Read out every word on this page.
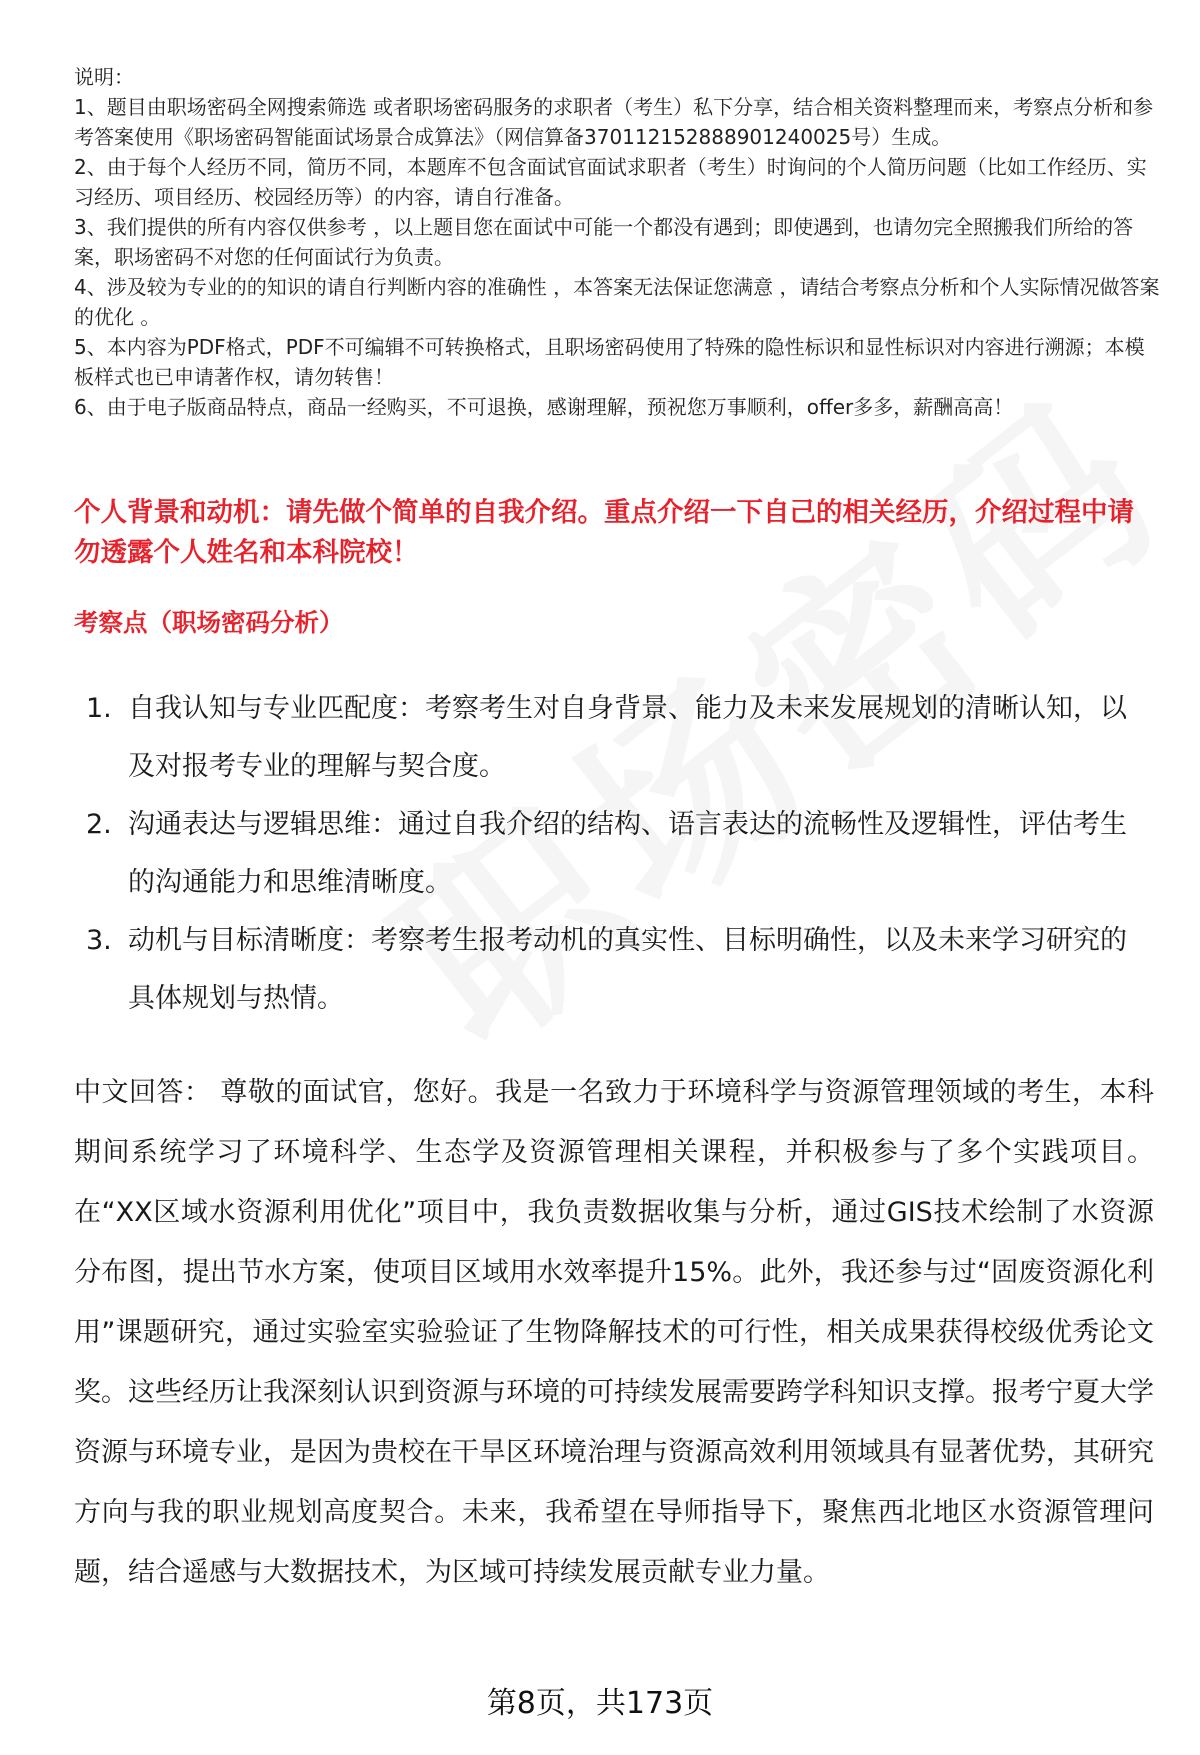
说明：

1、题目由职场密码全网搜索筛选 或者职场密码服务的求职者（考生）私下分享，结合相关资料整理而来，考察点分析和参考答案使用《职场密码智能面试场景合成算法》（网信算备370112152888901240025号）生成。

2、由于每个人经历不同，简历不同，本题库不包含面试官面试求职者（考生）时询问的个人简历问题（比如工作经历、实习经历、项目经历、校园经历等）的内容，请自行准备。

3、我们提供的所有内容仅供参考 ，以上题目您在面试中可能一个都没有遇到；即使遇到，也请勿完全照搬我们所给的答案，职场密码不对您的任何面试行为负责。

4、涉及较为专业的的知识的请自行判断内容的准确性 ，本答案无法保证您满意 ，请结合考察点分析和个人实际情况做答案的优化 。

5、本内容为PDF格式，PDF不可编辑不可转换格式，且职场密码使用了特殊的隐性标识和显性标识对内容进行溯源；本模板样式也已申请著作权，请勿转售！

6、由于电子版商品特点，商品一经购买，不可退换，感谢理解，预祝您万事顺利，offer多多，薪酬高高！

个人背景和动机：请先做个简单的自我介绍。重点介绍一下自己的相关经历，介绍过程中请勿透露个人姓名和本科院校！

考察点（职场密码分析）

1. 自我认知与专业匹配度：考察考生对自身背景、能力及未来发展规划的清晰认知，以及对报考专业的理解与契合度。
2. 沟通表达与逻辑思维：通过自我介绍的结构、语言表达的流畅性及逻辑性，评估考生的沟通能力和思维清晰度。
3. 动机与目标清晰度：考察考生报考动机的真实性、目标明确性，以及未来学习研究的具体规划与热情。

中文回答： 尊敬的面试官，您好。我是一名致力于环境科学与资源管理领域的考生，本科期间系统学习了环境科学、生态学及资源管理相关课程，并积极参与了多个实践项目。在“XX区域水资源利用优化”项目中，我负责数据收集与分析，通过GIS技术绘制了水资源分布图，提出节水方案，使项目区域用水效率提升15%。此外，我还参与过“固废资源化利用”课题研究，通过实验室实验验证了生物降解技术的可行性，相关成果获得校级优秀论文奖。这些经历让我深刻认识到资源与环境的可持续发展需要跨学科知识支撑。报考宁夏大学资源与环境专业，是因为贵校在干旱区环境治理与资源高效利用领域具有显著优势，其研究方向与我的职业规划高度契合。未来，我希望在导师指导下，聚焦西北地区水资源管理问题，结合遥感与大数据技术，为区域可持续发展贡献专业力量。

第8页，共173页
